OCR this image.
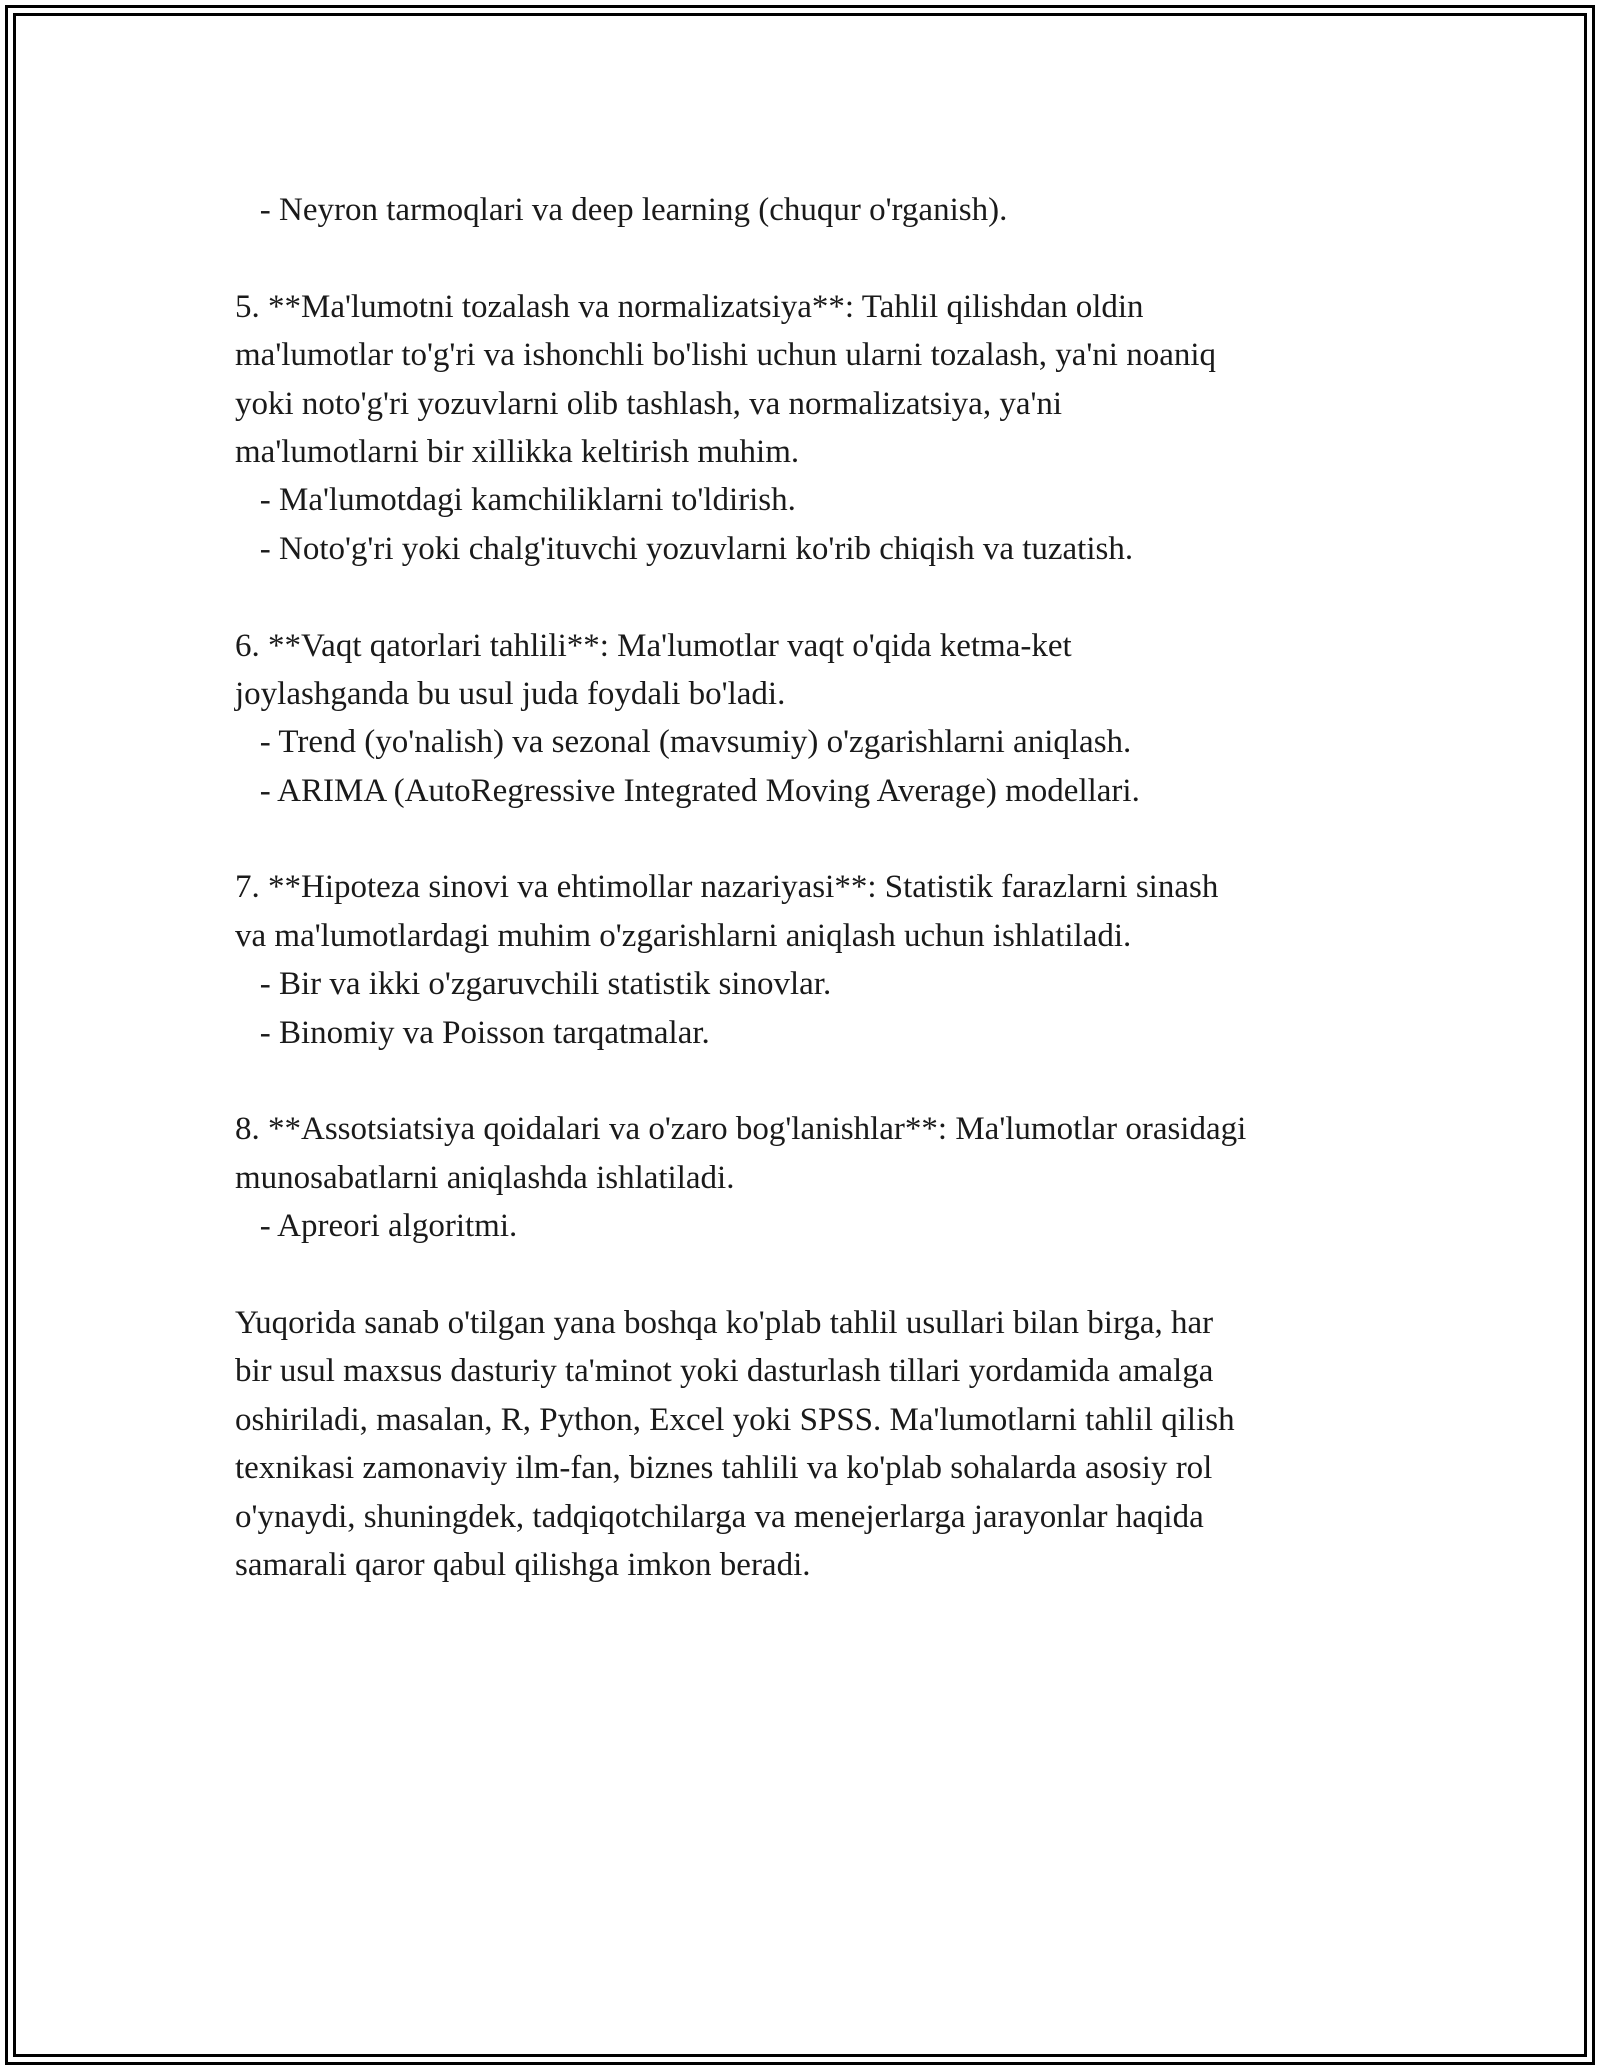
- Neyron tarmoqlari va deep learning (chuqur o'rganish).

5. **Ma'lumotni tozalash va normalizatsiya**: Tahlil qilishdan oldin

ma'lumotlar to'g'ri va ishonchli bo'lishi uchun ularni tozalash, ya'ni noaniq

yoki noto'g'ri yozuvlarni olib tashlash, va normalizatsiya, ya'ni

ma'lumotlarni bir xillikka keltirish muhim.

- Ma'lumotdagi kamchiliklarni to'ldirish.

- Noto'g'ri yoki chalg'ituvchi yozuvlarni ko'rib chiqish va tuzatish.

6. **Vaqt qatorlari tahlili**: Ma'lumotlar vaqt o'qida ketma-ket

joylashganda bu usul juda foydali bo'ladi.

- Trend (yo'nalish) va sezonal (mavsumiy) o'zgarishlarni aniqlash.

- ARIMA (AutoRegressive Integrated Moving Average) modellari.

7. **Hipoteza sinovi va ehtimollar nazariyasi**: Statistik farazlarni sinash

va ma'lumotlardagi muhim o'zgarishlarni aniqlash uchun ishlatiladi.

- Bir va ikki o'zgaruvchili statistik sinovlar.

- Binomiy va Poisson tarqatmalar.

8. **Assotsiatsiya qoidalari va o'zaro bog'lanishlar**: Ma'lumotlar orasidagi

munosabatlarni aniqlashda ishlatiladi.

- Apreori algoritmi.

Yuqorida sanab o'tilgan yana boshqa ko'plab tahlil usullari bilan birga, har

bir usul maxsus dasturiy ta'minot yoki dasturlash tillari yordamida amalga

oshiriladi, masalan, R, Python, Excel yoki SPSS. Ma'lumotlarni tahlil qilish

texnikasi zamonaviy ilm-fan, biznes tahlili va ko'plab sohalarda asosiy rol

o'ynaydi, shuningdek, tadqiqotchilarga va menejerlarga jarayonlar haqida

samarali qaror qabul qilishga imkon beradi.
